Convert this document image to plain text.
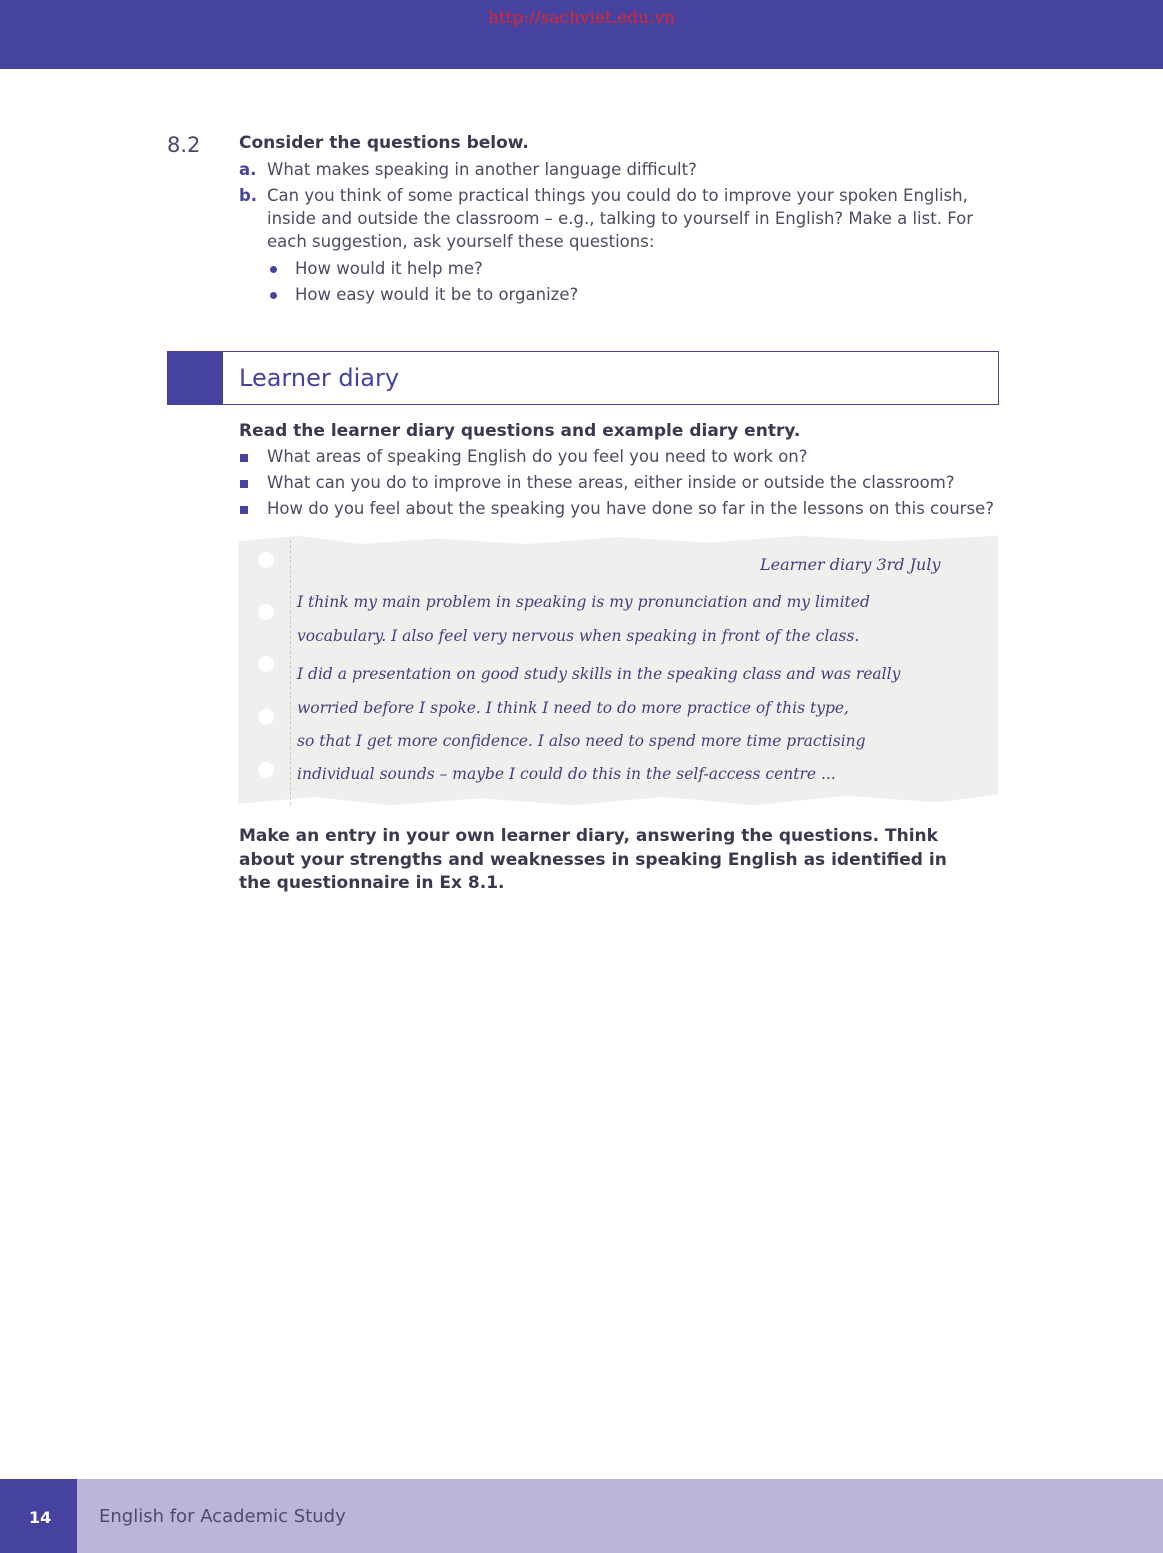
http://sachviet.edu.vn
8.2 Consider the questions below.
a. What makes speaking in another language difficult?
b. Can you think of some practical things you could do to improve your spoken English,
inside and outside the classroom – e.g., talking to yourself in English? Make a list. For
each suggestion, ask yourself these questions:
How would it help me?
How easy would it be to organize?
Learner diary
Read the learner diary questions and example diary entry.
What areas of speaking English do you feel you need to work on?
What can you do to improve in these areas, either inside or outside the classroom?
How do you feel about the speaking you have done so far in the lessons on this course?
Learner diary 3rd July
I think my main problem in speaking is my pronunciation and my limited
vocabulary. I also feel very nervous when speaking in front of the class.
I did a presentation on good study skills in the speaking class and was really
worried before I spoke. I think I need to do more practice of this type,
so that I get more confidence. I also need to spend more time practising
individual sounds – maybe I could do this in the self-access centre ...
Make an entry in your own learner diary, answering the questions. Think about your strengths and weaknesses in speaking English as identified in the questionnaire in Ex 8.1.
14	English for Academic Study
